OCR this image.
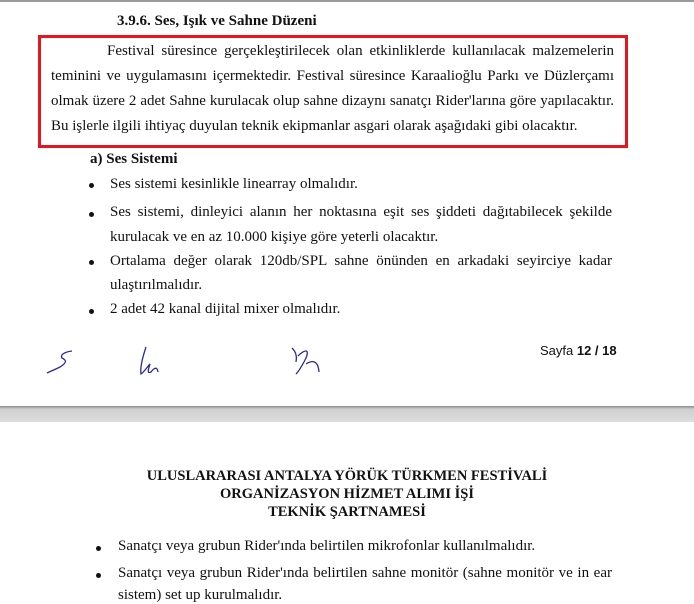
3.9.6. Ses, Işık ve Sahne Düzeni
Festival süresince gerçekleştirilecek olan etkinliklerde kullanılacak malzemelerin
teminini ve uygulamasını içermektedir. Festival süresince Karaalioğlu Parkı ve Düzlerçamı
olmak üzere 2 adet Sahne kurulacak olup sahne dizaynı sanatçı Rider'larına göre yapılacaktır.
Bu işlerle ilgili ihtiyaç duyulan teknik ekipmanlar asgari olarak aşağıdaki gibi olacaktır.
a) Ses Sistemi
Ses sistemi kesinlikle linearray olmalıdır.
Ses sistemi, dinleyici alanın her noktasına eşit ses şiddeti dağıtabilecek şekilde
kurulacak ve en az 10.000 kişiye göre yeterli olacaktır.
Ortalama değer olarak 120db/SPL sahne önünden en arkadaki seyirciye kadar
ulaştırılmalıdır.
2 adet 42 kanal dijital mixer olmalıdır.
Sayfa 12 / 18
ULUSLARARASI ANTALYA YÖRÜK TÜRKMEN FESTİVALİ
ORGANİZASYON HİZMET ALIMI İŞİ
TEKNİK ŞARTNAMESİ
Sanatçı veya grubun Rider'ında belirtilen mikrofonlar kullanılmalıdır.
Sanatçı veya grubun Rider'ında belirtilen sahne monitör (sahne monitör ve in ear
sistem) set up kurulmalıdır.
